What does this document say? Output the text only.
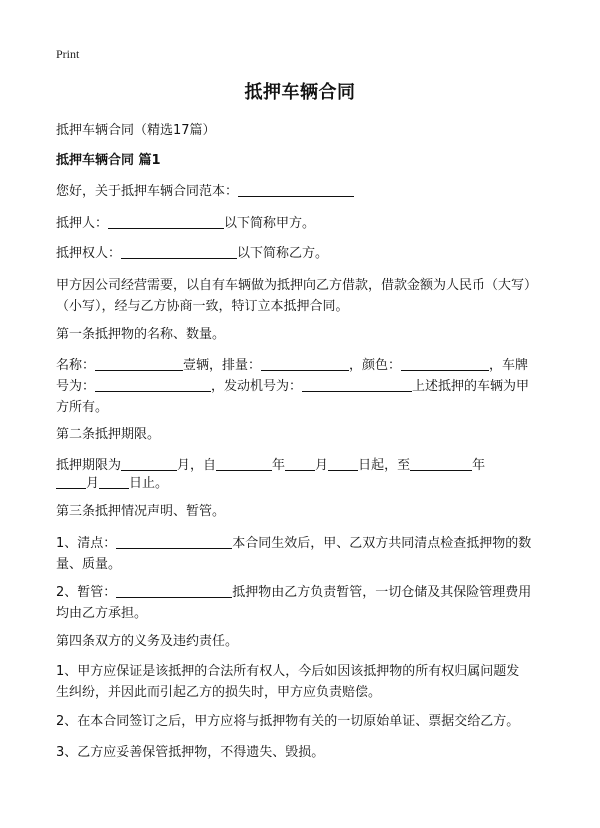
Print
抵押车辆合同
抵押车辆合同（精选17篇）
抵押车辆合同 篇1
您好，关于抵押车辆合同范本：
抵押人：	以下简称甲方。
抵押权人：	以下简称乙方。
甲方因公司经营需要，以自有车辆做为抵押向乙方借款，借款金额为人民币（大写）（小写），经与乙方协商一致，特订立本抵押合同。
第一条抵押物的名称、数量。
名称：	壹辆，排量：	，颜色：	，车牌
号为：	，发动机号为：	上述抵押的车辆为甲
方所有。
第二条抵押期限。
抵押期限为	月，自	年 月 日起，至	年
月 日止。
第三条抵押情况声明、暂管。
1、清点：	本合同生效后，甲、乙双方共同清点检查抵押物的数
量、质量。
2、暂管：	抵押物由乙方负责暂管，一切仓储及其保险管理费用
均由乙方承担。
第四条双方的义务及违约责任。
1、甲方应保证是该抵押的合法所有权人，今后如因该抵押物的所有权归属问题发
生纠纷，并因此而引起乙方的损失时，甲方应负责赔偿。
2、在本合同签订之后，甲方应将与抵押物有关的一切原始单证、票据交给乙方。
3、乙方应妥善保管抵押物，不得遗失、毁损。
